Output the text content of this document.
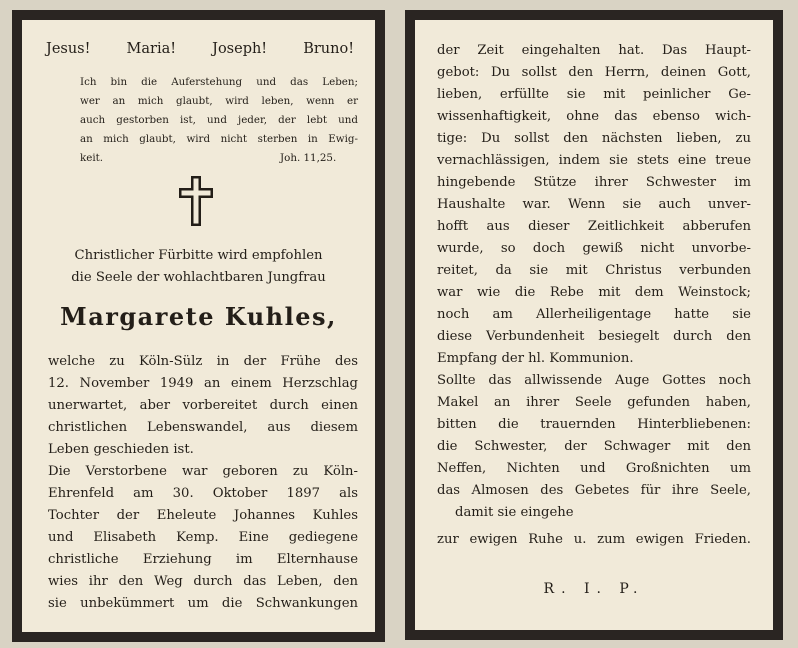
Jesus! Maria! Joseph! Bruno!
Ich bin die Auferstehung und das Leben;
wer an mich glaubt, wird leben, wenn er
auch gestorben ist, und jeder, der lebt und
an mich glaubt, wird nicht sterben in Ewig-
keit.	Joh. 11,25.
Christlicher Fürbitte wird empfohlen
die Seele der wohlachtbaren Jungfrau
Margarete Kuhles,
welche zu Köln-Sülz in der Frühe des
12. November 1949 an einem Herzschlag
unerwartet, aber vorbereitet durch einen
christlichen Lebenswandel, aus diesem
Leben geschieden ist.
Die Verstorbene war geboren zu Köln-
Ehrenfeld am 30. Oktober 1897 als
Tochter der Eheleute Johannes Kuhles
und Elisabeth Kemp. Eine gediegene
christliche Erziehung im Elternhause
wies ihr den Weg durch das Leben, den
sie unbekümmert um die Schwankungen
der Zeit eingehalten hat. Das Haupt-
gebot: Du sollst den Herrn, deinen Gott,
lieben, erfüllte sie mit peinlicher Ge-
wissenhaftigkeit, ohne das ebenso wich-
tige: Du sollst den nächsten lieben, zu
vernachlässigen, indem sie stets eine treue
hingebende Stütze ihrer Schwester im
Haushalte war. Wenn sie auch unver-
hofft aus dieser Zeitlichkeit abberufen
wurde, so doch gewiß nicht unvorbe-
reitet, da sie mit Christus verbunden
war wie die Rebe mit dem Weinstock;
noch am Allerheiligentage hatte sie
diese Verbundenheit besiegelt durch den
Empfang der hl. Kommunion.
Sollte das allwissende Auge Gottes noch
Makel an ihrer Seele gefunden haben,
bitten die trauernden Hinterbliebenen:
die Schwester, der Schwager mit den
Neffen, Nichten und Großnichten um
das Almosen des Gebetes für ihre Seele,
damit sie eingehe
zur ewigen Ruhe u. zum ewigen Frieden.
R. I. P.
